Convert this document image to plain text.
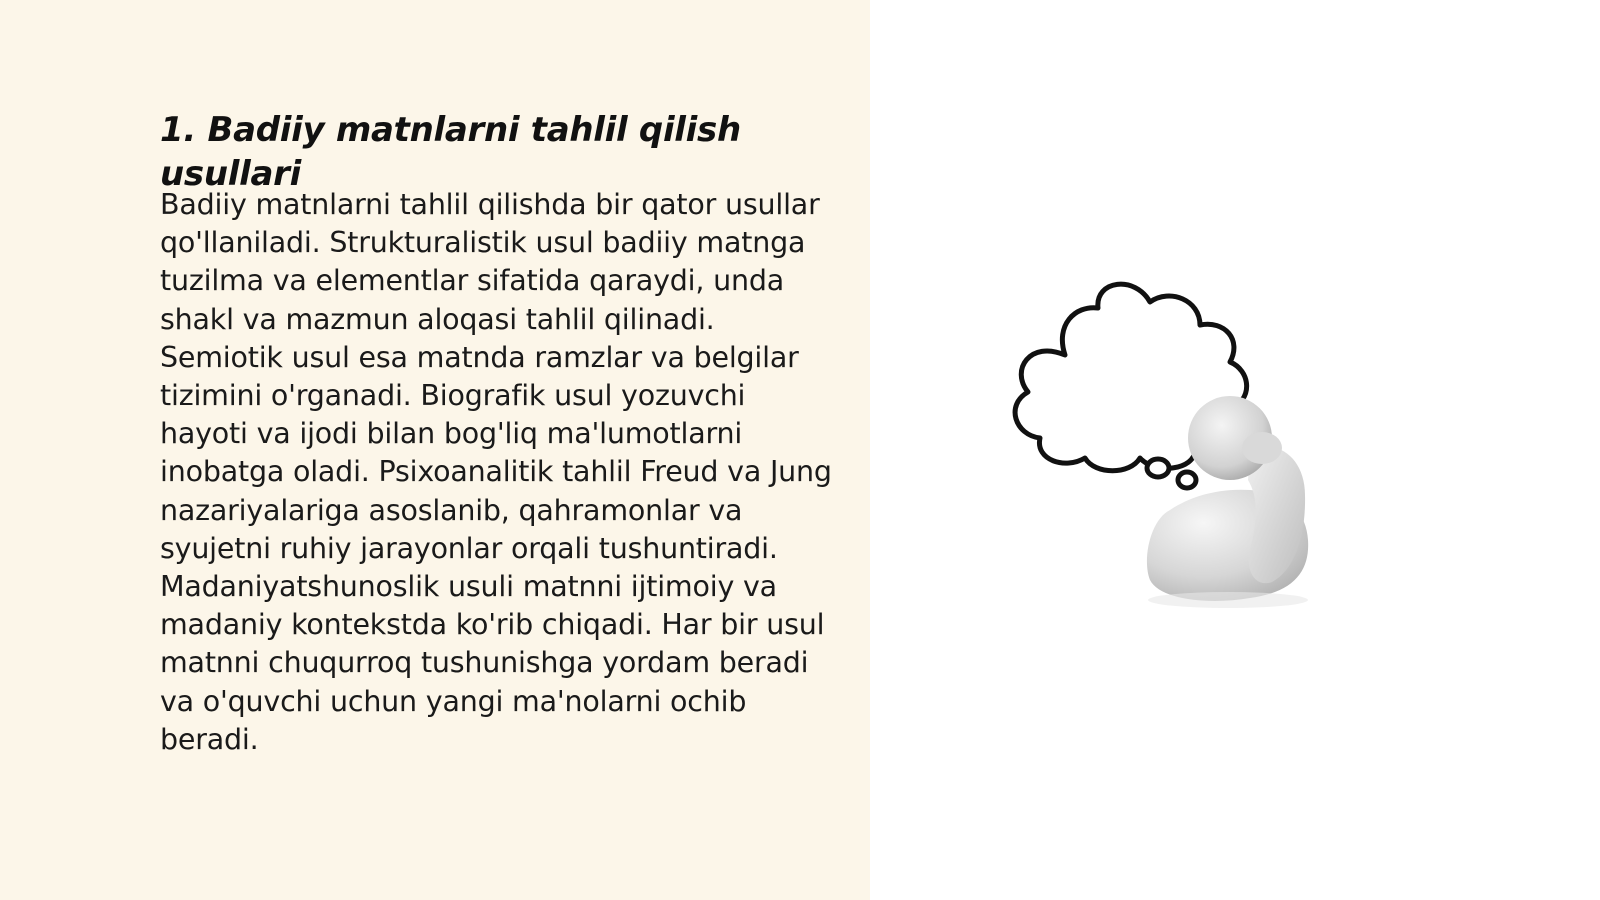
1. Badiiy matnlarni tahlil qilish usullari

Badiiy matnlarni tahlil qilishda bir qator usullar qo'llaniladi. Strukturalistik usul badiiy matnga tuzilma va elementlar sifatida qaraydi, unda shakl va mazmun aloqasi tahlil qilinadi. Semiotik usul esa matnda ramzlar va belgilar tizimini o'rganadi. Biografik usul yozuvchi hayoti va ijodi bilan bog'liq ma'lumotlarni inobatga oladi. Psixoanalitik tahlil Freud va Jung nazariyalariga asoslanib, qahramonlar va syujetni ruhiy jarayonlar orqali tushuntiradi. Madaniyatshunoslik usuli matnni ijtimoiy va madaniy kontekstda ko'rib chiqadi. Har bir usul matnni chuqurroq tushunishga yordam beradi va o'quvchi uchun yangi ma'nolarni ochib beradi.
